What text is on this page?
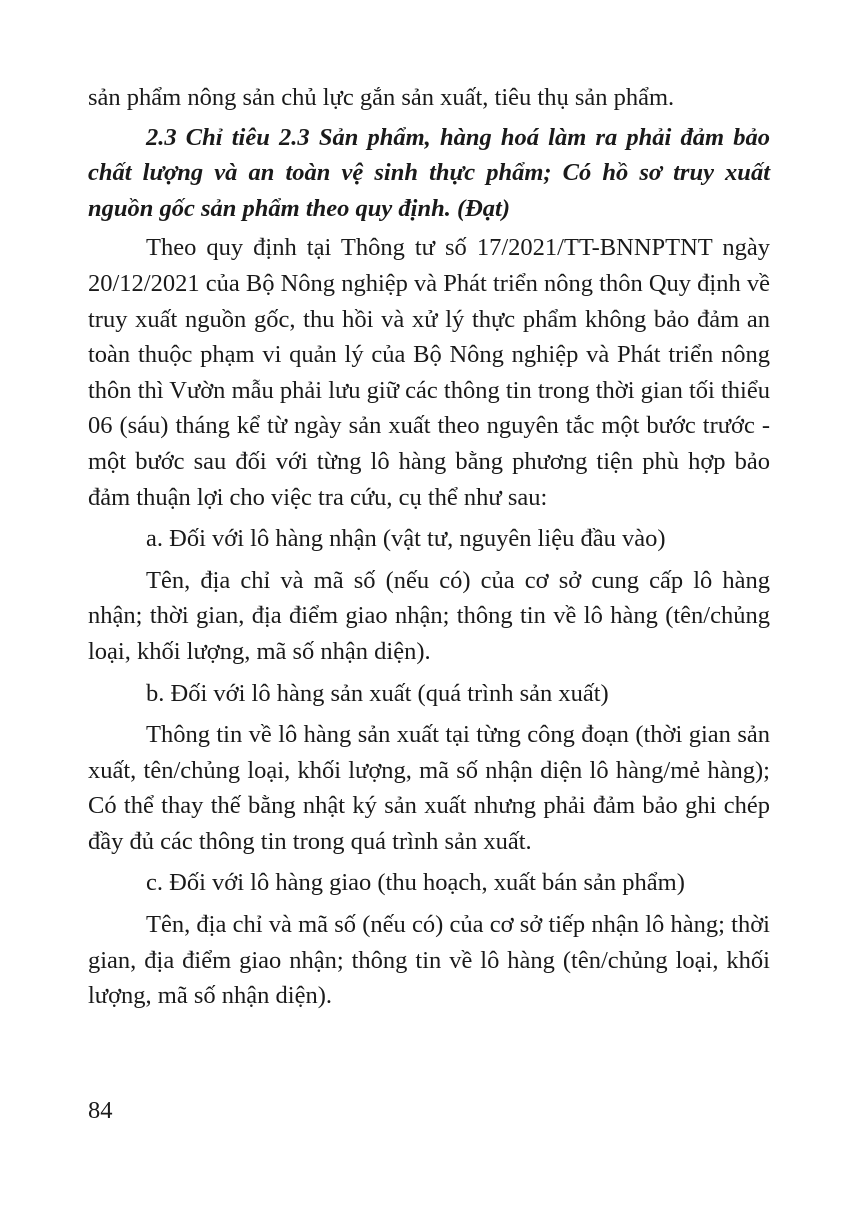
sản phẩm nông sản chủ lực gắn sản xuất, tiêu thụ sản phẩm.

2.3 Chỉ tiêu 2.3 Sản phẩm, hàng hoá làm ra phải đảm bảo chất lượng và an toàn vệ sinh thực phẩm; Có hồ sơ truy xuất nguồn gốc sản phẩm theo quy định. (Đạt)

Theo quy định tại Thông tư số 17/2021/TT-BNNPTNT ngày 20/12/2021 của Bộ Nông nghiệp và Phát triển nông thôn Quy định về truy xuất nguồn gốc, thu hồi và xử lý thực phẩm không bảo đảm an toàn thuộc phạm vi quản lý của Bộ Nông nghiệp và Phát triển nông thôn thì Vườn mẫu phải lưu giữ các thông tin trong thời gian tối thiểu 06 (sáu) tháng kể từ ngày sản xuất theo nguyên tắc một bước trước - một bước sau đối với từng lô hàng bằng phương tiện phù hợp bảo đảm thuận lợi cho việc tra cứu, cụ thể như sau:

a. Đối với lô hàng nhận (vật tư, nguyên liệu đầu vào)

Tên, địa chỉ và mã số (nếu có) của cơ sở cung cấp lô hàng nhận; thời gian, địa điểm giao nhận; thông tin về lô hàng (tên/chủng loại, khối lượng, mã số nhận diện).

b. Đối với lô hàng sản xuất (quá trình sản xuất)

Thông tin về lô hàng sản xuất tại từng công đoạn (thời gian sản xuất, tên/chủng loại, khối lượng, mã số nhận diện lô hàng/mẻ hàng); Có thể thay thế bằng nhật ký sản xuất nhưng phải đảm bảo ghi chép đầy đủ các thông tin trong quá trình sản xuất.

c. Đối với lô hàng giao (thu hoạch, xuất bán sản phẩm)

Tên, địa chỉ và mã số (nếu có) của cơ sở tiếp nhận lô hàng; thời gian, địa điểm giao nhận; thông tin về lô hàng (tên/chủng loại, khối lượng, mã số nhận diện).

84
